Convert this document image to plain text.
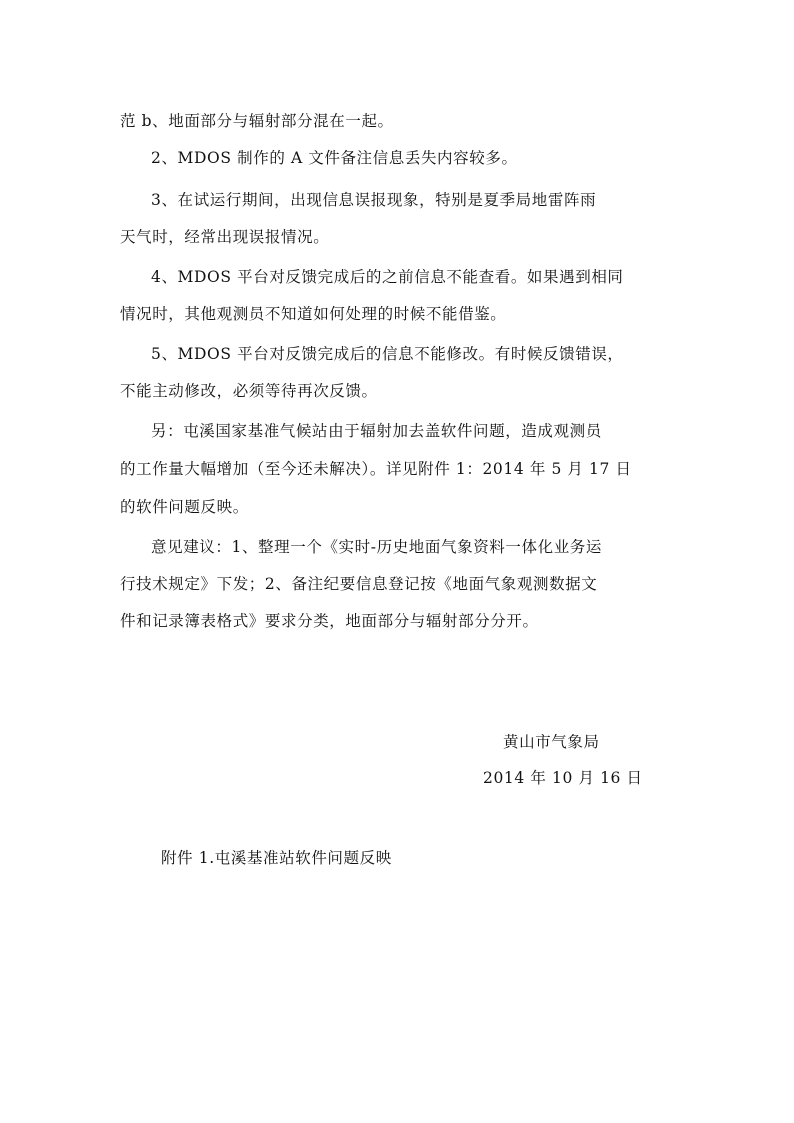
范 b、地面部分与辐射部分混在一起。
2、MDOS 制作的 A 文件备注信息丢失内容较多。
3、在试运行期间，出现信息误报现象，特别是夏季局地雷阵雨
天气时，经常出现误报情况。
4、MDOS 平台对反馈完成后的之前信息不能查看。如果遇到相同
情况时，其他观测员不知道如何处理的时候不能借鉴。
5、MDOS 平台对反馈完成后的信息不能修改。有时候反馈错误，
不能主动修改，必须等待再次反馈。
另：屯溪国家基准气候站由于辐射加去盖软件问题，造成观测员
的工作量大幅增加（至今还未解决）。详见附件 1：2014 年 5 月 17 日
的软件问题反映。
意见建议：1、整理一个《实时-历史地面气象资料一体化业务运
行技术规定》下发；2、备注纪要信息登记按《地面气象观测数据文
件和记录簿表格式》要求分类，地面部分与辐射部分分开。
黄山市气象局
2014 年 10 月 16 日
附件 1.屯溪基准站软件问题反映
